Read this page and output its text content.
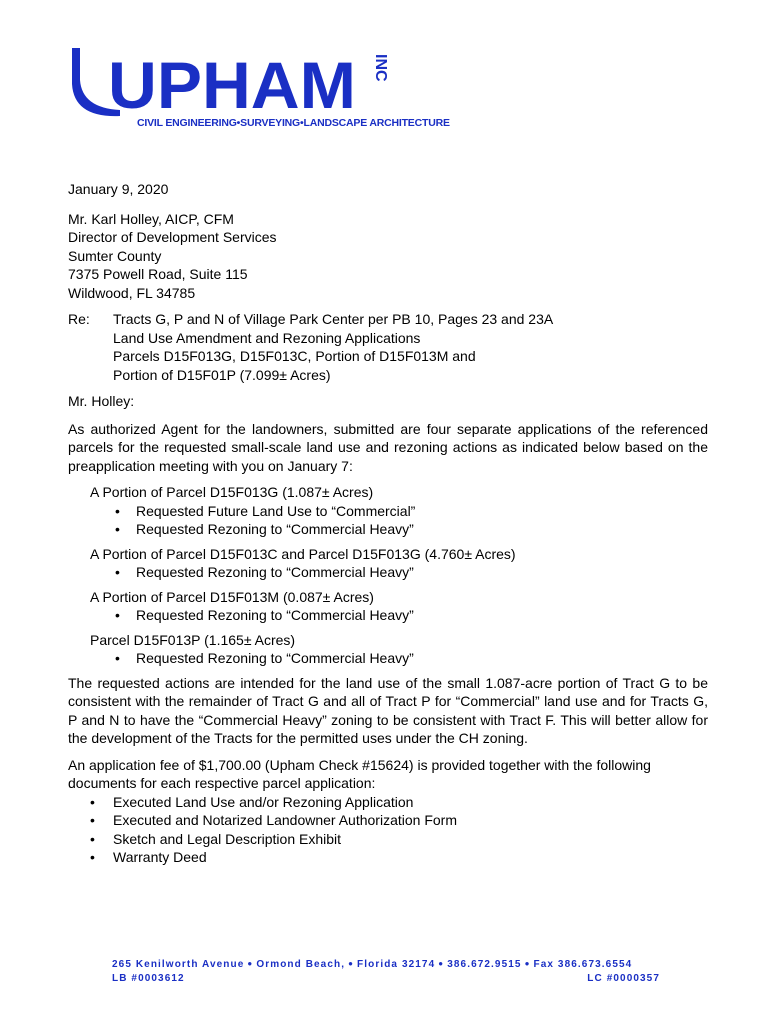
UPHAM INC
CIVIL ENGINEERING•SURVEYING•LANDSCAPE ARCHITECTURE

January 9, 2020

Mr. Karl Holley, AICP, CFM
Director of Development Services
Sumter County
7375 Powell Road, Suite 115
Wildwood, FL 34785
Re:	Tracts G, P and N of Village Park Center per PB 10, Pages 23 and 23A
Land Use Amendment and Rezoning Applications
Parcels D15F013G, D15F013C, Portion of D15F013M and
Portion of D15F01P (7.099± Acres)

Mr. Holley:

As authorized Agent for the landowners, submitted are four separate applications of the referenced parcels for the requested small-scale land use and rezoning actions as indicated below based on the preapplication meeting with you on January 7:

A Portion of Parcel D15F013G (1.087± Acres)
• Requested Future Land Use to “Commercial”
• Requested Rezoning to “Commercial Heavy”
A Portion of Parcel D15F013C and Parcel D15F013G (4.760± Acres)
• Requested Rezoning to “Commercial Heavy”
A Portion of Parcel D15F013M (0.087± Acres)
• Requested Rezoning to “Commercial Heavy”
Parcel D15F013P (1.165± Acres)
• Requested Rezoning to “Commercial Heavy”

The requested actions are intended for the land use of the small 1.087-acre portion of Tract G to be consistent with the remainder of Tract G and all of Tract P for “Commercial” land use and for Tracts G, P and N to have the “Commercial Heavy” zoning to be consistent with Tract F. This will better allow for the development of the Tracts for the permitted uses under the CH zoning.

An application fee of $1,700.00 (Upham Check #15624) is provided together with the following documents for each respective parcel application:

• Executed Land Use and/or Rezoning Application
• Executed and Notarized Landowner Authorization Form
• Sketch and Legal Description Exhibit
• Warranty Deed
265 Kenilworth Avenue ● Ormond Beach, ● Florida 32174 ● 386.672.9515 ● Fax 386.673.6554
LB #0003612	LC #0000357
